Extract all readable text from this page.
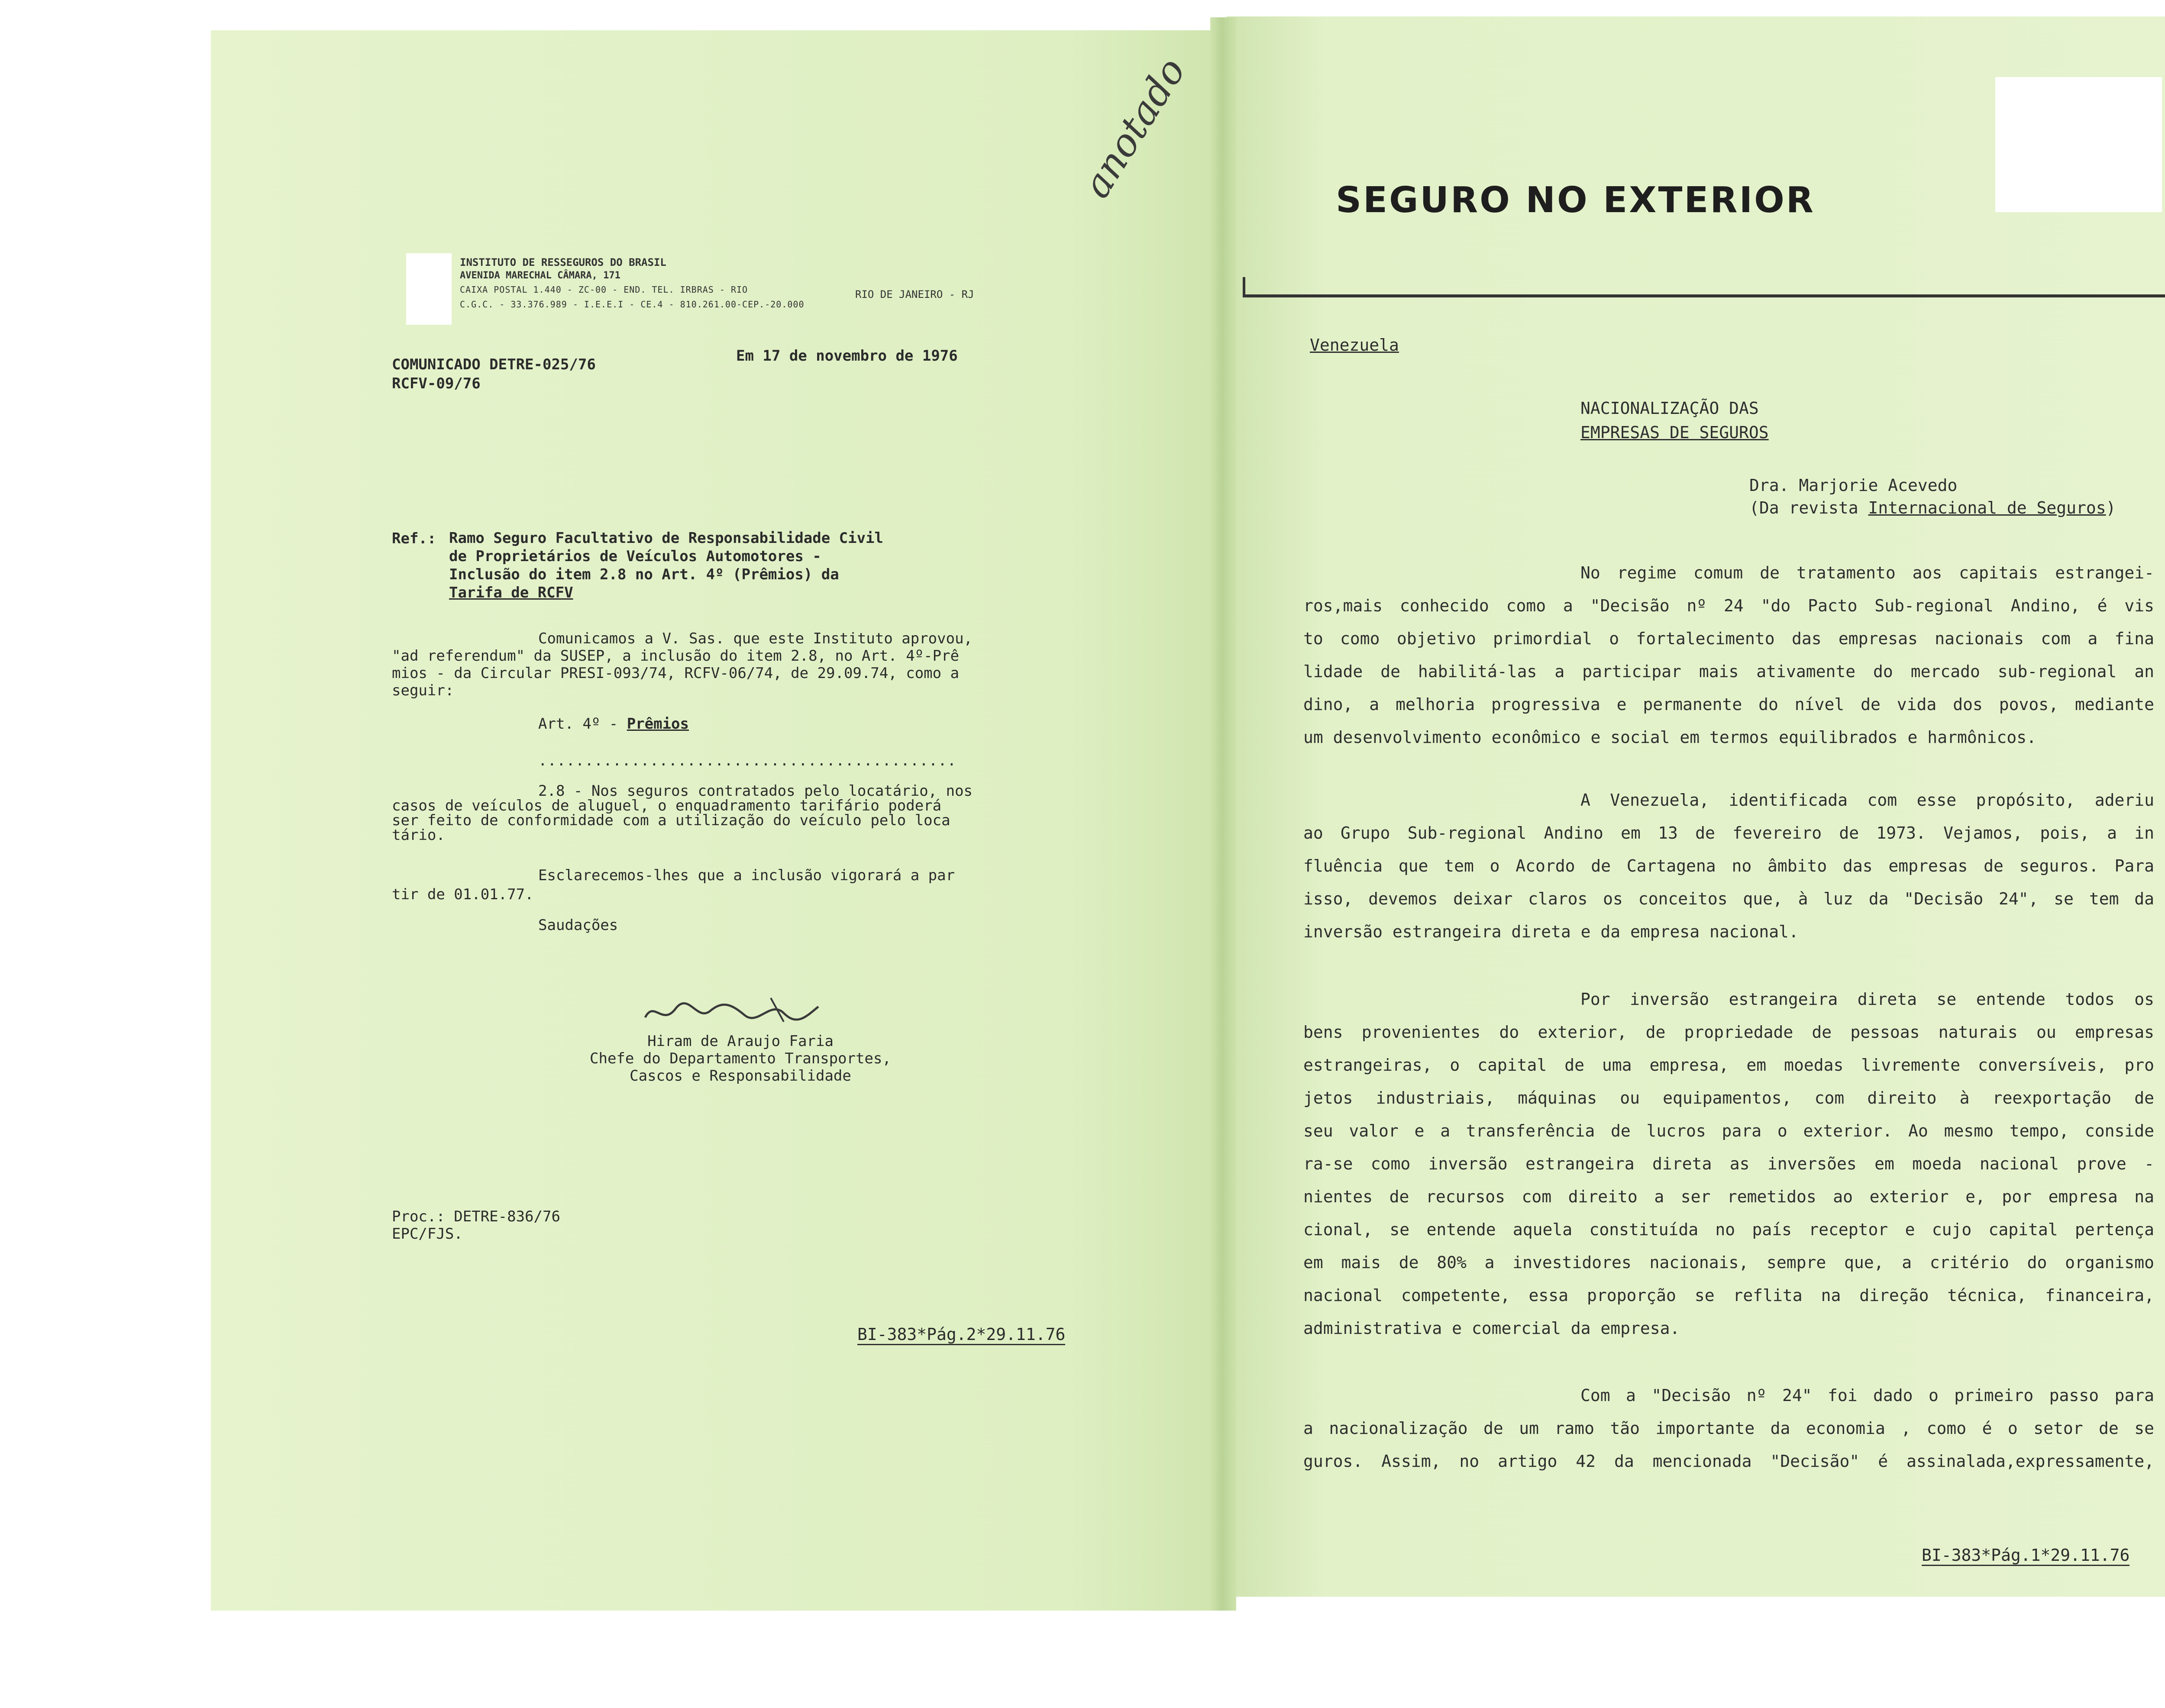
INSTITUTO DE RESSEGUROS DO BRASIL
AVENIDA MARECHAL CÂMARA, 171
CAIXA POSTAL 1.440 - ZC-00 - END. TEL. IRBRAS - RIO
C.G.C. - 33.376.989 - I.E.E.I - CE.4 - 810.261.00-CEP.-20.000
RIO DE JANEIRO - RJ
anotado
COMUNICADO DETRE-025/76
RCFV-09/76
Em 17 de novembro de 1976
Ref.: Ramo Seguro Facultativo de Responsabilidade Civil
de Proprietários de Veículos Automotores -
Inclusão do item 2.8 no Art. 4º (Prêmios) da
Tarifa de RCFV
Comunicamos a V. Sas. que este Instituto aprovou,
"ad referendum" da SUSEP, a inclusão do item 2.8, no Art. 4º-Prê
mios - da Circular PRESI-093/74, RCFV-06/74, de 29.09.74, como a
seguir:
Art. 4º - Prêmios
.............................................
2.8 - Nos seguros contratados pelo locatário, nos
casos de veículos de aluguel, o enquadramento tarifário poderá
ser feito de conformidade com a utilização do veículo pelo loca
tário.
Esclarecemos-lhes que a inclusão vigorará a par
tir de 01.01.77.
Saudações
Hiram de Araujo Faria
Chefe do Departamento Transportes,
Cascos e Responsabilidade
Proc.: DETRE-836/76
EPC/FJS.
BI-383*Pág.2*29.11.76
SEGURO NO EXTERIOR
Venezuela
NACIONALIZAÇÃO DAS
EMPRESAS DE SEGUROS
Dra. Marjorie Acevedo
(Da revista Internacional de Seguros)
No regime comum de tratamento aos capitais estrangei-
ros,mais conhecido como a "Decisão nº 24 "do Pacto Sub-regional Andino, é vis
to como objetivo primordial o fortalecimento das empresas nacionais com a fina
lidade de habilitá-las a participar mais ativamente do mercado sub-regional an
dino, a melhoria progressiva e permanente do nível de vida dos povos, mediante
um desenvolvimento econômico e social em termos equilibrados e harmônicos.
A Venezuela, identificada com esse propósito, aderiu
ao Grupo Sub-regional Andino em 13 de fevereiro de 1973. Vejamos, pois, a in
fluência que tem o Acordo de Cartagena no âmbito das empresas de seguros. Para
isso, devemos deixar claros os conceitos que, à luz da "Decisão 24", se tem da
inversão estrangeira direta e da empresa nacional.
Por inversão estrangeira direta se entende todos os
bens provenientes do exterior, de propriedade de pessoas naturais ou empresas
estrangeiras, o capital de uma empresa, em moedas livremente conversíveis, pro
jetos industriais, máquinas ou equipamentos, com direito à reexportação de
seu valor e a transferência de lucros para o exterior. Ao mesmo tempo, conside
ra-se como inversão estrangeira direta as inversões em moeda nacional prove -
nientes de recursos com direito a ser remetidos ao exterior e, por empresa na
cional, se entende aquela constituída no país receptor e cujo capital pertença
em mais de 80% a investidores nacionais, sempre que, a critério do organismo
nacional competente, essa proporção se reflita na direção técnica, financeira,
administrativa e comercial da empresa.
Com a "Decisão nº 24" foi dado o primeiro passo para
a nacionalização de um ramo tão importante da economia , como é o setor de se
guros. Assim, no artigo 42 da mencionada "Decisão" é assinalada,expressamente,
BI-383*Pág.1*29.11.76
